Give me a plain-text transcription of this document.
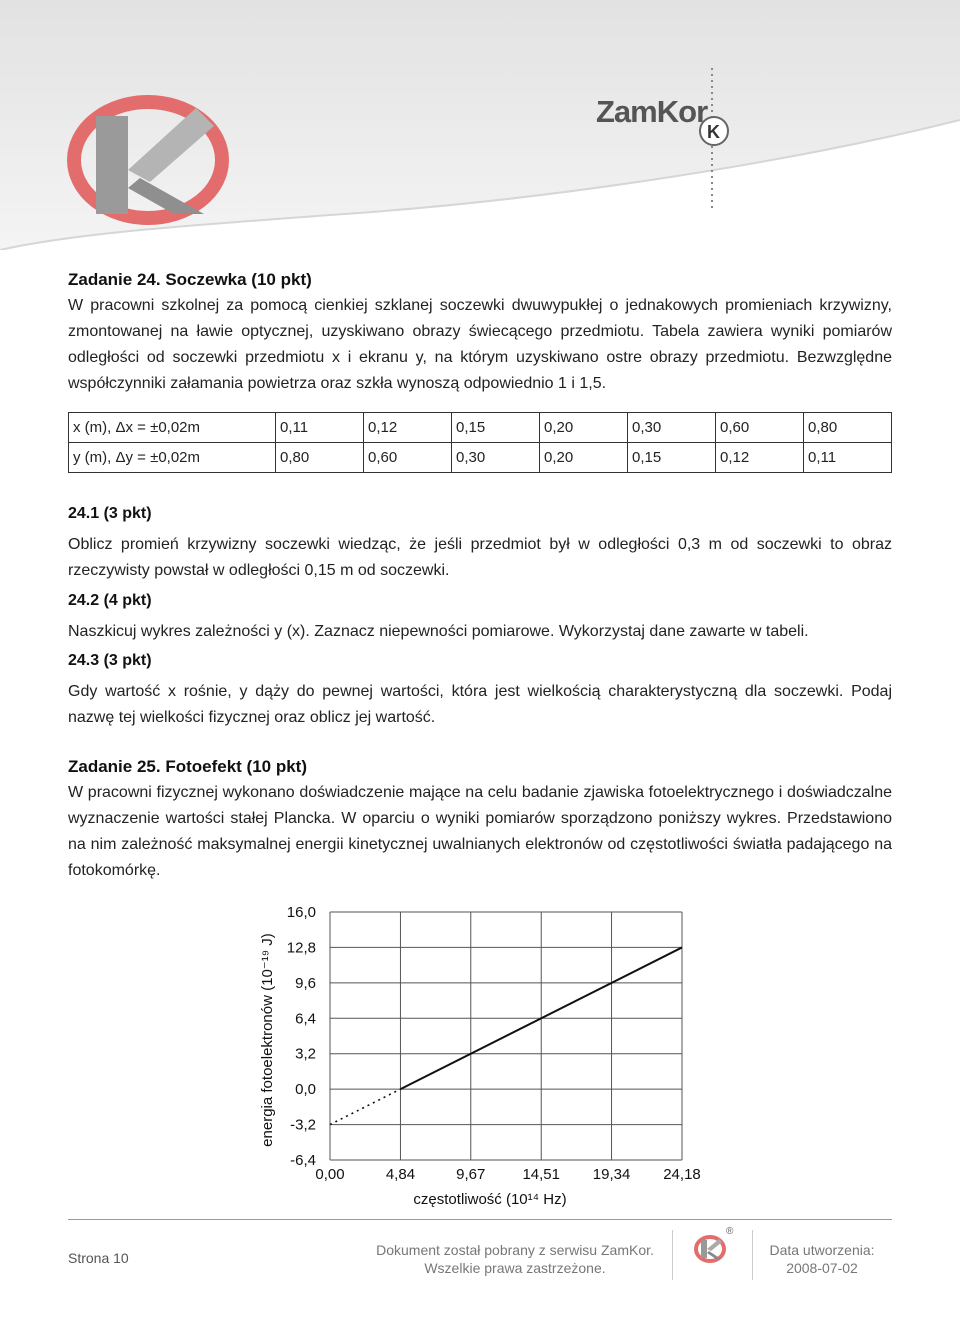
K
ZamKor
Zadanie 24. Soczewka (10 pkt)
W pracowni szkolnej za pomocą cienkiej szklanej soczewki dwuwypukłej o jednakowych promieniach krzywizny, zmontowanej na ławie optycznej, uzyskiwano obrazy świecącego przedmiotu. Tabela zawiera wyniki pomiarów odległości od soczewki przedmiotu x i ekranu y, na którym uzyskiwano ostre obrazy przedmiotu. Bezwzględne współczynniki załamania powietrza oraz szkła wynoszą odpowiednio 1 i 1,5.
x (m), Δx = ±0,02m	0,11	0,12	0,15	0,20	0,30	0,60	0,80
y (m), Δy = ±0,02m	0,80	0,60	0,30	0,20	0,15	0,12	0,11
24.1 (3 pkt)
Oblicz promień krzywizny soczewki wiedząc, że jeśli przedmiot był w odległości 0,3 m od soczewki to obraz rzeczywisty powstał w odległości 0,15 m od soczewki.
24.2 (4 pkt)
Naszkicuj wykres zależności y (x). Zaznacz niepewności pomiarowe. Wykorzystaj dane zawarte w tabeli.
24.3 (3 pkt)
Gdy wartość x rośnie, y dąży do pewnej wartości, która jest wielkością charakterystyczną dla soczewki. Podaj nazwę tej wielkości fizycznej oraz oblicz jej wartość.
Zadanie 25. Fotoefekt (10 pkt)
W pracowni fizycznej wykonano doświadczenie mające na celu badanie zjawiska fotoelektrycznego i doświadczalne wyznaczenie wartości stałej Plancka. W oparciu o wyniki pomiarów sporządzono poniższy wykres. Przedstawiono na nim zależność maksymalnej energii kinetycznej uwalnianych elektronów od częstotliwości światła padającego na fotokomórkę.
16,0
12,8
9,6
6,4
3,2
0,0
-3,2
-6,4
0,00	4,84	9,67 14,51 19,34 24,18
częstotliwość (10¹⁴ Hz)
energia fotoelektronów (10⁻¹⁹ J)
Strona 10	Dokument został pobrany z serwisu ZamKor.
Wszelkie prawa zastrzeżone.
®
Data utworzenia:
2008-07-02
